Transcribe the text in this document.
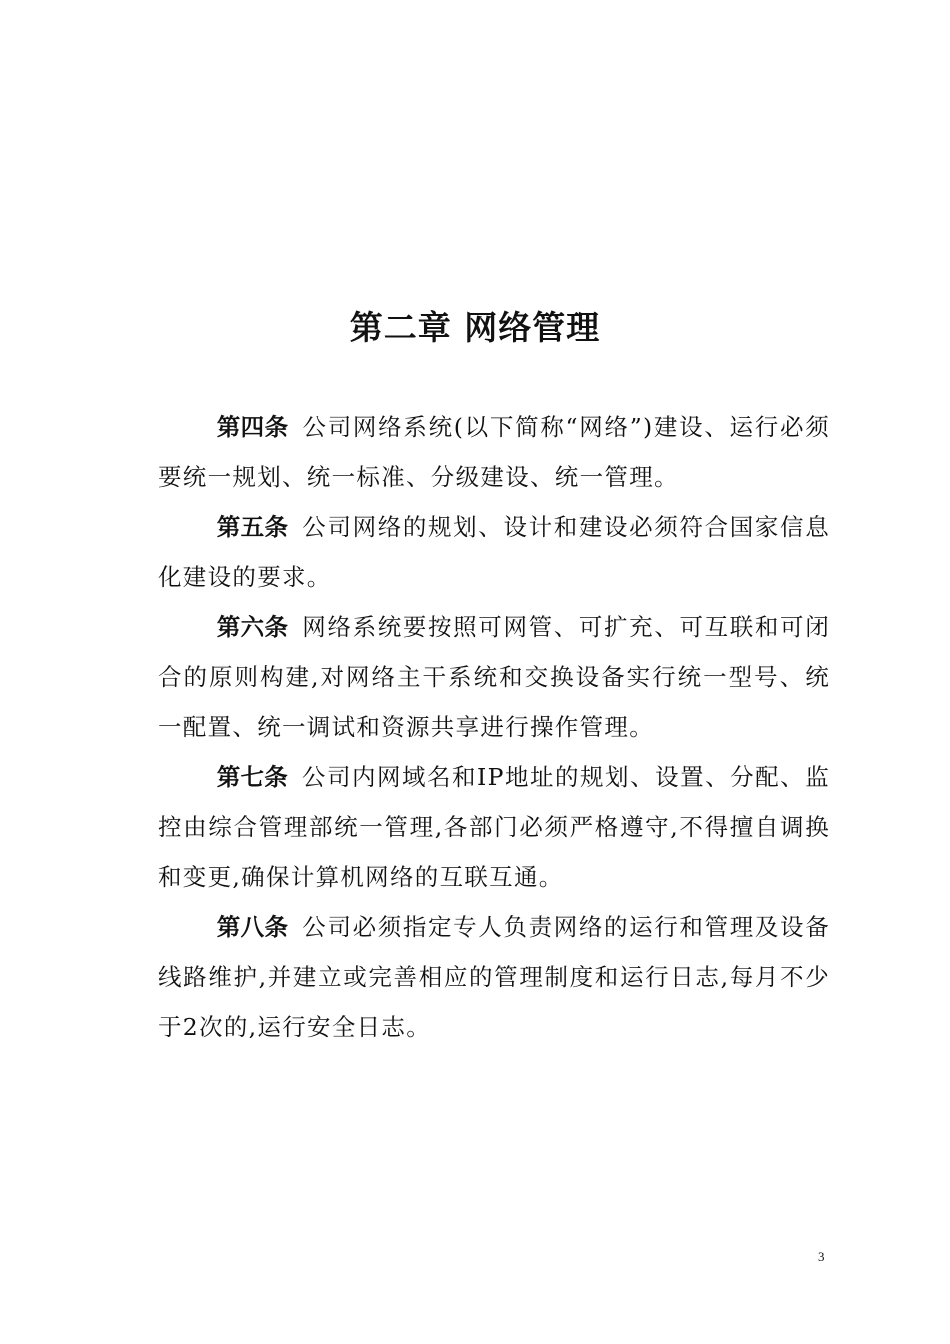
第二章 网络管理

第四条 公司网络系统(以下简称“网络”)建设、运行必须要统一规划、统一标准、分级建设、统一管理。

第五条 公司网络的规划、设计和建设必须符合国家信息化建设的要求。

第六条 网络系统要按照可网管、可扩充、可互联和可闭合的原则构建,对网络主干系统和交换设备实行统一型号、统一配置、统一调试和资源共享进行操作管理。

第七条 公司内网域名和IP地址的规划、设置、分配、监控由综合管理部统一管理,各部门必须严格遵守,不得擅自调换和变更,确保计算机网络的互联互通。

第八条 公司必须指定专人负责网络的运行和管理及设备线路维护,并建立或完善相应的管理制度和运行日志,每月不少于2次的,运行安全日志。

3
